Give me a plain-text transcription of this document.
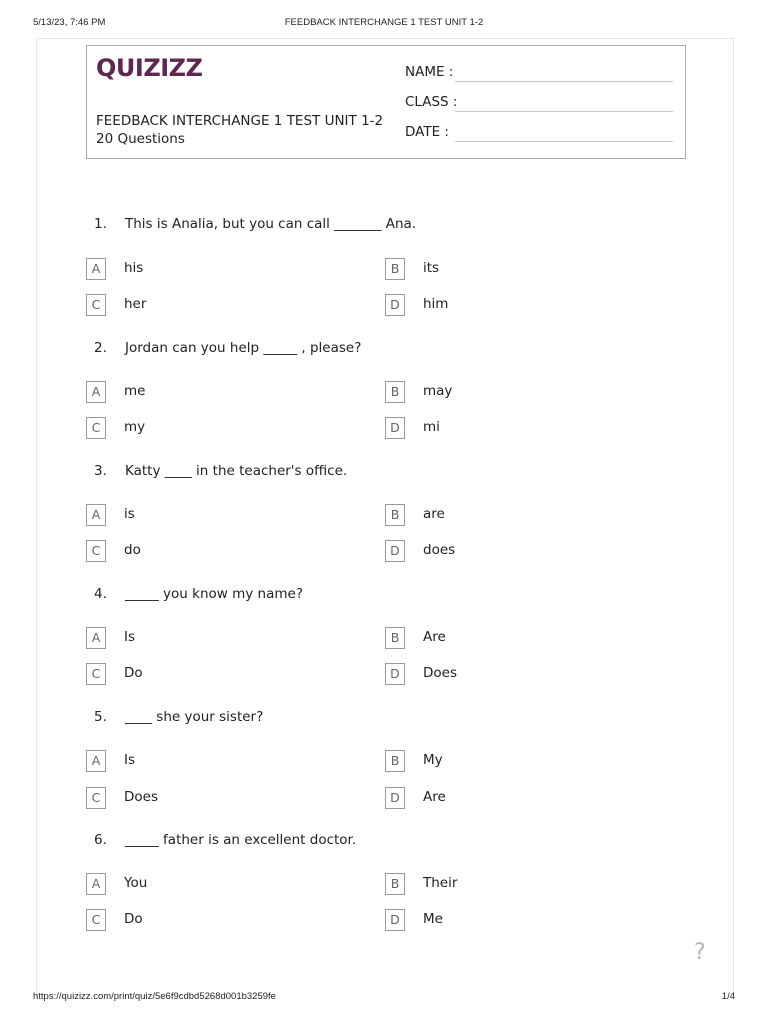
5/13/23, 7:46 PM	FEEDBACK INTERCHANGE 1 TEST UNIT 1-2
QUIZIZZ
FEEDBACK INTERCHANGE 1 TEST UNIT 1-2
20 Questions
NAME :
CLASS :
DATE :
1.	This is Analia, but you can call _______ Ana.
A	his	B	its
C	her	D	him
2.	Jordan can you help _____ , please?
A	me	B	may
C	my	D	mi
3.	Katty ____ in the teacher's office.
A	is	B	are
C	do	D	does
4.	_____ you know my name?
A	Is	B	Are
C	Do	D	Does
5.	____ she your sister?
A	Is	B	My
C	Does	D	Are
6.	_____ father is an excellent doctor.
A	You	B	Their
C	Do	D	Me
?
https://quizizz.com/print/quiz/5e6f9cdbd5268d001b3259fe	1/4
